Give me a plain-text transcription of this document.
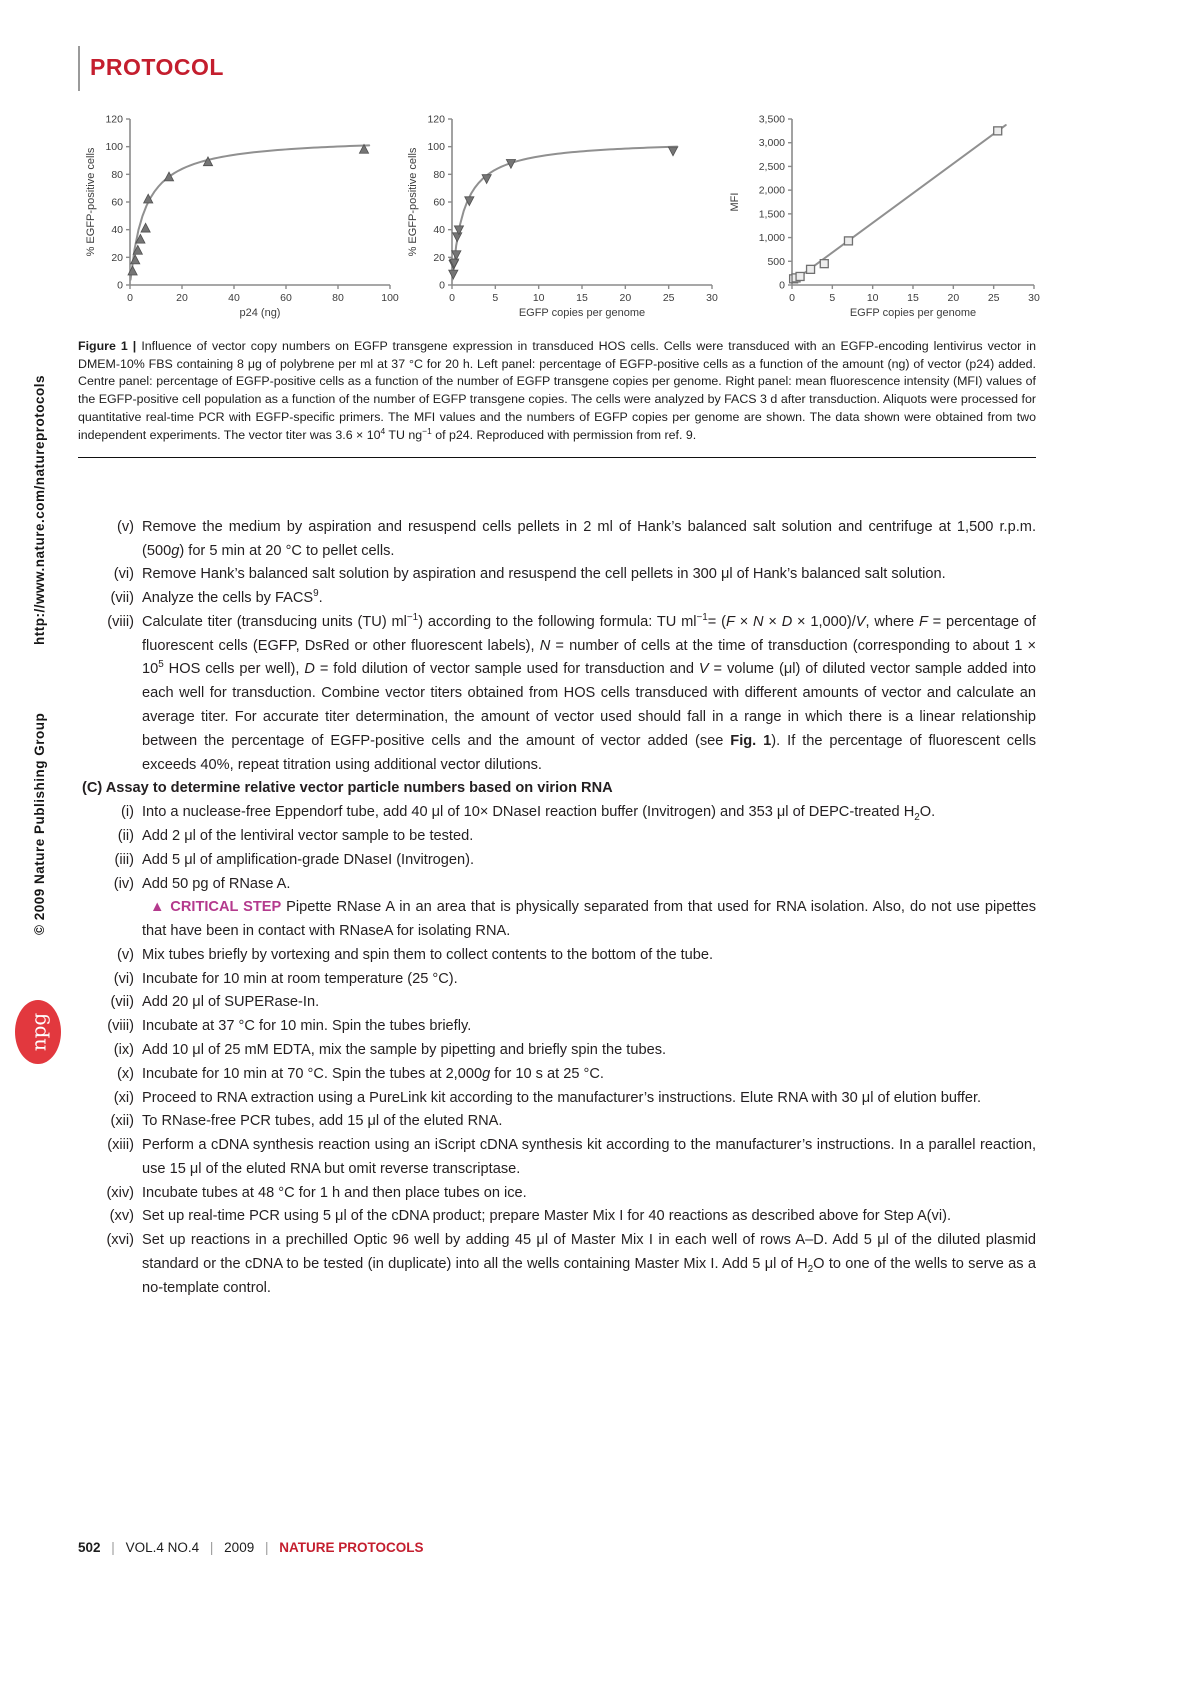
http://www.nature.com/natureprotocols
© 2009 Nature Publishing Group
npg
PROTOCOL
0
20
40
60
80
100
120
0	20	40	60	80	100
% EGFP-positive cells
p24 (ng)
0
20
40
60
80
100
120
0	5	10	15	20	25	30
% EGFP-positive cells
EGFP copies per genome
0
500
1,000
1,500
2,000
2,500
3,000
3,500
0	5	10	15	20	25	30
MFI
EGFP copies per genome

Figure 1 | Influence of vector copy numbers on EGFP transgene expression in transduced HOS cells. Cells were transduced with an EGFP-encoding lentivirus vector in DMEM-10% FBS containing 8 μg of polybrene per ml at 37 °C for 20 h. Left panel: percentage of EGFP-positive cells as a function of the amount (ng) of vector (p24) added. Centre panel: percentage of EGFP-positive cells as a function of the number of EGFP transgene copies per genome. Right panel: mean fluorescence intensity (MFI) values of the EGFP-positive cell population as a function of the number of EGFP transgene copies. The cells were analyzed by FACS 3 d after transduction. Aliquots were processed for quantitative real-time PCR with EGFP-specific primers. The MFI values and the numbers of EGFP copies per genome are shown. The data shown were obtained from two independent experiments. The vector titer was $3.6 \times 10^4$ TU $ng^{-1}$ of p24. Reproduced with permission from ref. 9.

(v) Remove the medium by aspiration and resuspend cells pellets in 2 ml of Hank’s balanced salt solution and centrifuge at 1,500 r.p.m. (500g) for 5 min at 20 °C to pellet cells.
(vi) Remove Hank’s balanced salt solution by aspiration and resuspend the cell pellets in 300 μl of Hank’s balanced salt solution.
(vii) Analyze the cells by FACS$^9$.
(viii) Calculate titer (transducing units (TU) $ml^{-1}$) according to the following formula: TU $ml^{-1}= (F \times N \times D \times 1,000)/V$, where F = percentage of fluorescent cells (EGFP, DsRed or other fluorescent labels), N = number of cells at the time of transduction (corresponding to about $1 \times 10^5$ HOS cells per well), D = fold dilution of vector sample used for transduction and V = volume (μl) of diluted vector sample added into each well for transduction. Combine vector titers obtained from HOS cells transduced with different amounts of vector and calculate an average titer. For accurate titer determination, the amount of vector used should fall in a range in which there is a linear relationship between the percentage of EGFP-positive cells and the amount of vector added (see Fig. 1). If the percentage of fluorescent cells exceeds 40%, repeat titration using additional vector dilutions.
(C) Assay to determine relative vector particle numbers based on virion RNA
(i) Into a nuclease-free Eppendorf tube, add 40 μl of 10× DNaseI reaction buffer (Invitrogen) and 353 μl of DEPC-treated $H_2O$.
(ii) Add 2 μl of the lentiviral vector sample to be tested.
(iii) Add 5 μl of amplification-grade DNaseI (Invitrogen).
(iv) Add 50 pg of RNase A.
▲ CRITICAL STEP Pipette RNase A in an area that is physically separated from that used for RNA isolation. Also, do not use pipettes that have been in contact with RNaseA for isolating RNA.
(v) Mix tubes briefly by vortexing and spin them to collect contents to the bottom of the tube.
(vi) Incubate for 10 min at room temperature (25 °C).
(vii) Add 20 μl of SUPERase-In.
(viii) Incubate at 37 °C for 10 min. Spin the tubes briefly.
(ix) Add 10 μl of 25 mM EDTA, mix the sample by pipetting and briefly spin the tubes.
(x) Incubate for 10 min at 70 °C. Spin the tubes at 2,000g for 10 s at 25 °C.
(xi) Proceed to RNA extraction using a PureLink kit according to the manufacturer’s instructions. Elute RNA with 30 μl of elution buffer.
(xii) To RNase-free PCR tubes, add 15 μl of the eluted RNA.
(xiii) Perform a cDNA synthesis reaction using an iScript cDNA synthesis kit according to the manufacturer’s instructions. In a parallel reaction, use 15 μl of the eluted RNA but omit reverse transcriptase.
(xiv) Incubate tubes at 48 °C for 1 h and then place tubes on ice.
(xv) Set up real-time PCR using 5 μl of the cDNA product; prepare Master Mix I for 40 reactions as described above for Step A(vi).
(xvi) Set up reactions in a prechilled Optic 96 well by adding 45 μl of Master Mix I in each well of rows A–D. Add 5 μl of the diluted plasmid standard or the cDNA to be tested (in duplicate) into all the wells containing Master Mix I. Add 5 μl of $H_2O$ to one of the wells to serve as a no-template control.
502 | VOL.4 NO.4 | 2009 | NATURE PROTOCOLS
